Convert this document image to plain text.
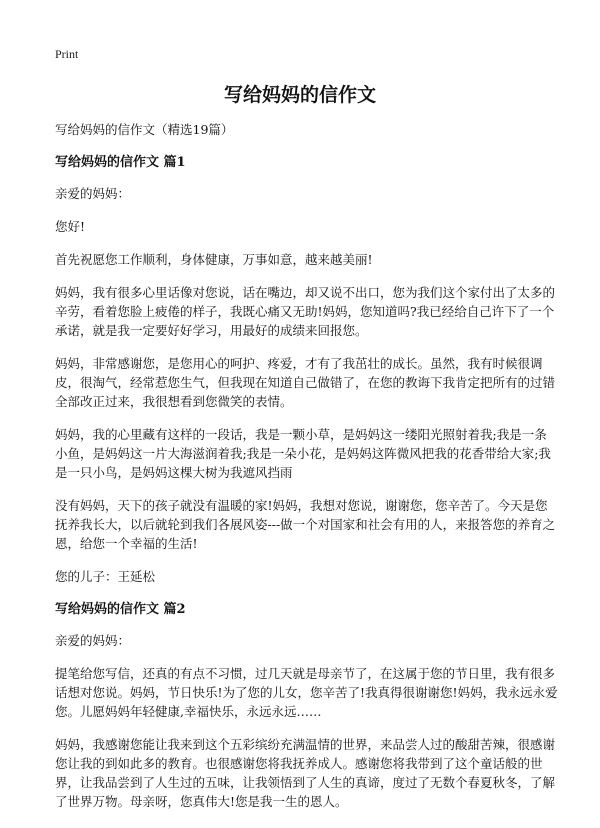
Print
写给妈妈的信作文

写给妈妈的信作文（精选19篇）

写给妈妈的信作文 篇1

亲爱的妈妈：

您好!

首先祝愿您工作顺利，身体健康，万事如意，越来越美丽!

妈妈，我有很多心里话像对您说，话在嘴边，却又说不出口，您为我们这个家付出了太多的辛劳，看着您脸上疲倦的样子，我既心痛又无助!妈妈，您知道吗?我已经给自己许下了一个承诺，就是我一定要好好学习，用最好的成绩来回报您。

妈妈，非常感谢您，是您用心的呵护、疼爱，才有了我茁壮的成长。虽然，我有时候很调皮，很淘气，经常惹您生气，但我现在知道自己做错了，在您的教诲下我肯定把所有的过错全部改正过来，我很想看到您微笑的表情。

妈妈，我的心里藏有这样的一段话，我是一颗小草，是妈妈这一缕阳光照射着我;我是一条小鱼，是妈妈这一片大海滋润着我;我是一朵小花，是妈妈这阵微风把我的花香带给大家;我是一只小鸟，是妈妈这棵大树为我遮风挡雨

没有妈妈，天下的孩子就没有温暖的家!妈妈，我想对您说，谢谢您，您辛苦了。今天是您抚养我长大，以后就轮到我们各展风姿---做一个对国家和社会有用的人，来报答您的养育之恩，给您一个幸福的生活!

您的儿子：王延松

写给妈妈的信作文 篇2

亲爱的妈妈：

提笔给您写信，还真的有点不习惯，过几天就是母亲节了，在这属于您的节日里，我有很多话想对您说。妈妈，节日快乐!为了您的儿女，您辛苦了!我真得很谢谢您!妈妈，我永远永爱您。儿愿妈妈年轻健康,幸福快乐，永远永远……

妈妈，我感谢您能让我来到这个五彩缤纷充满温情的世界，来品尝人过的酸甜苦辣，很感谢您让我的到如此多的教育。也很感谢您将我抚养成人。感谢您将我带到了这个童话般的世界，让我品尝到了人生过的五味，让我领悟到了人生的真谛，度过了无数个春夏秋冬，了解了世界万物。母亲呀，您真伟大!您是我一生的恩人。
